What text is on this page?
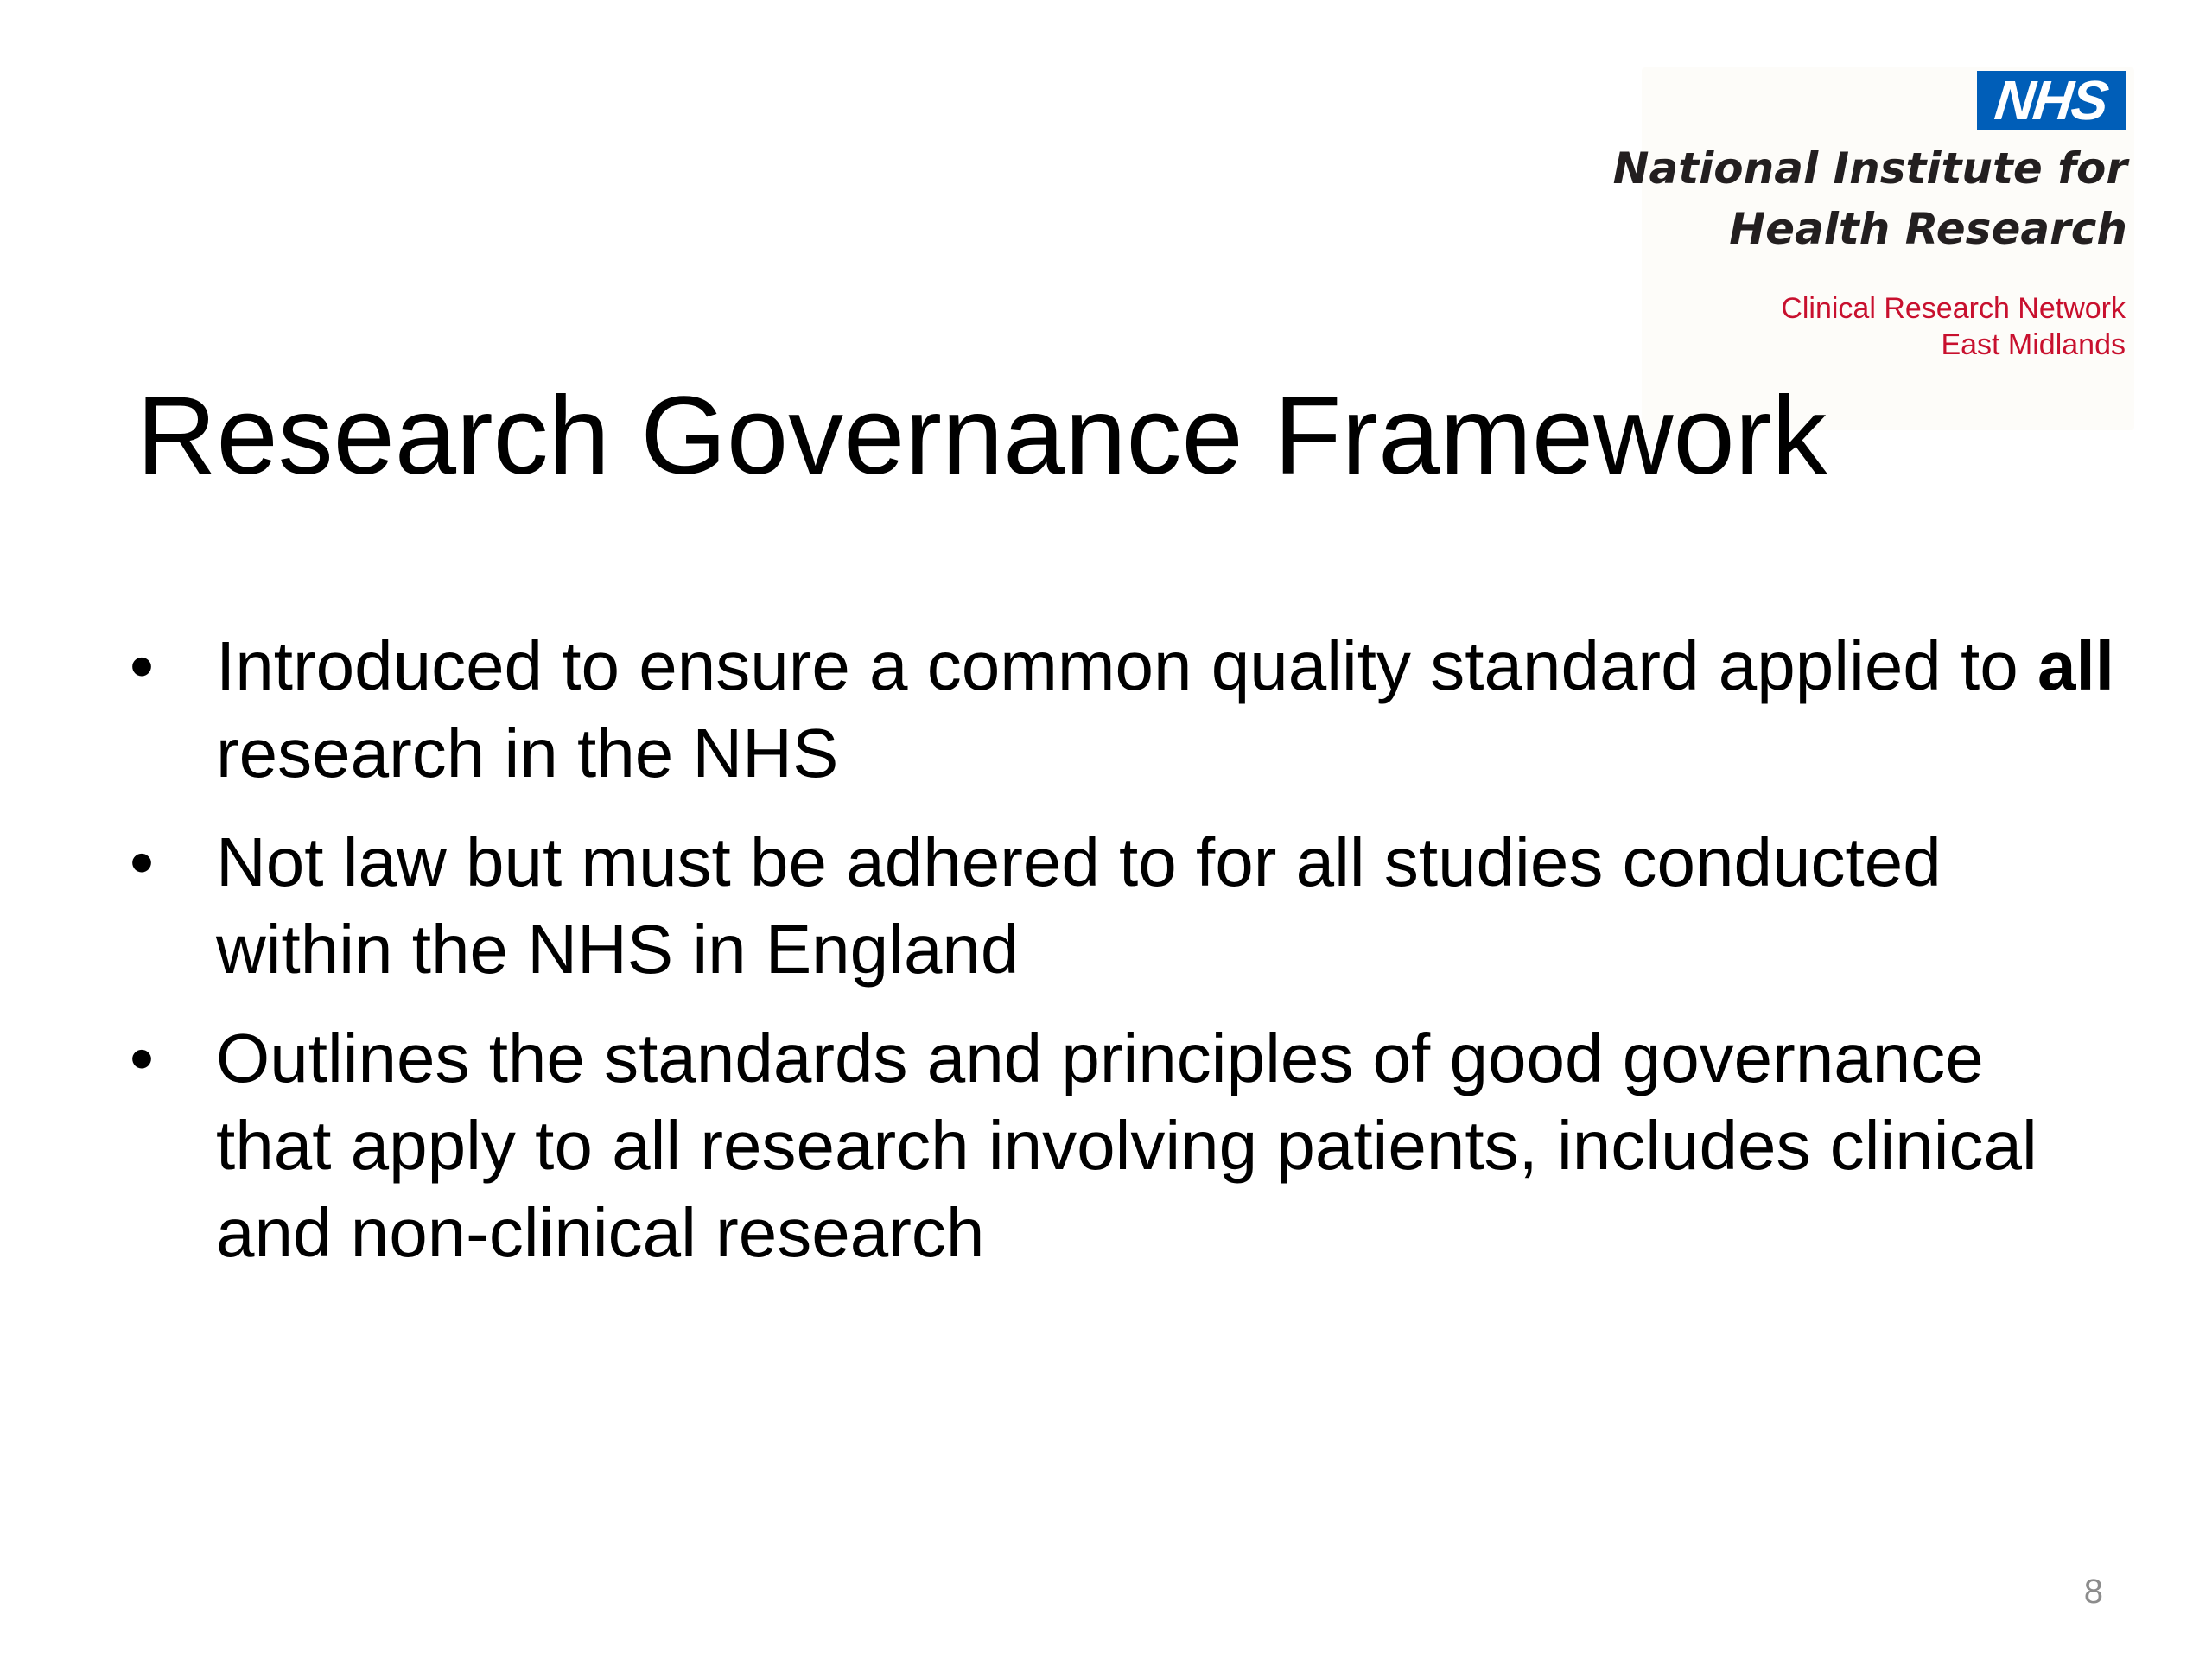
NHS
National Institute for
Health Research
Clinical Research Network
East Midlands
Research Governance Framework
• Introduced to ensure a common quality standard applied to all research in the NHS
• Not law but must be adhered to for all studies conducted within the NHS in England
• Outlines the standards and principles of good governance that apply to all research involving patients, includes clinical and non-clinical research
8
